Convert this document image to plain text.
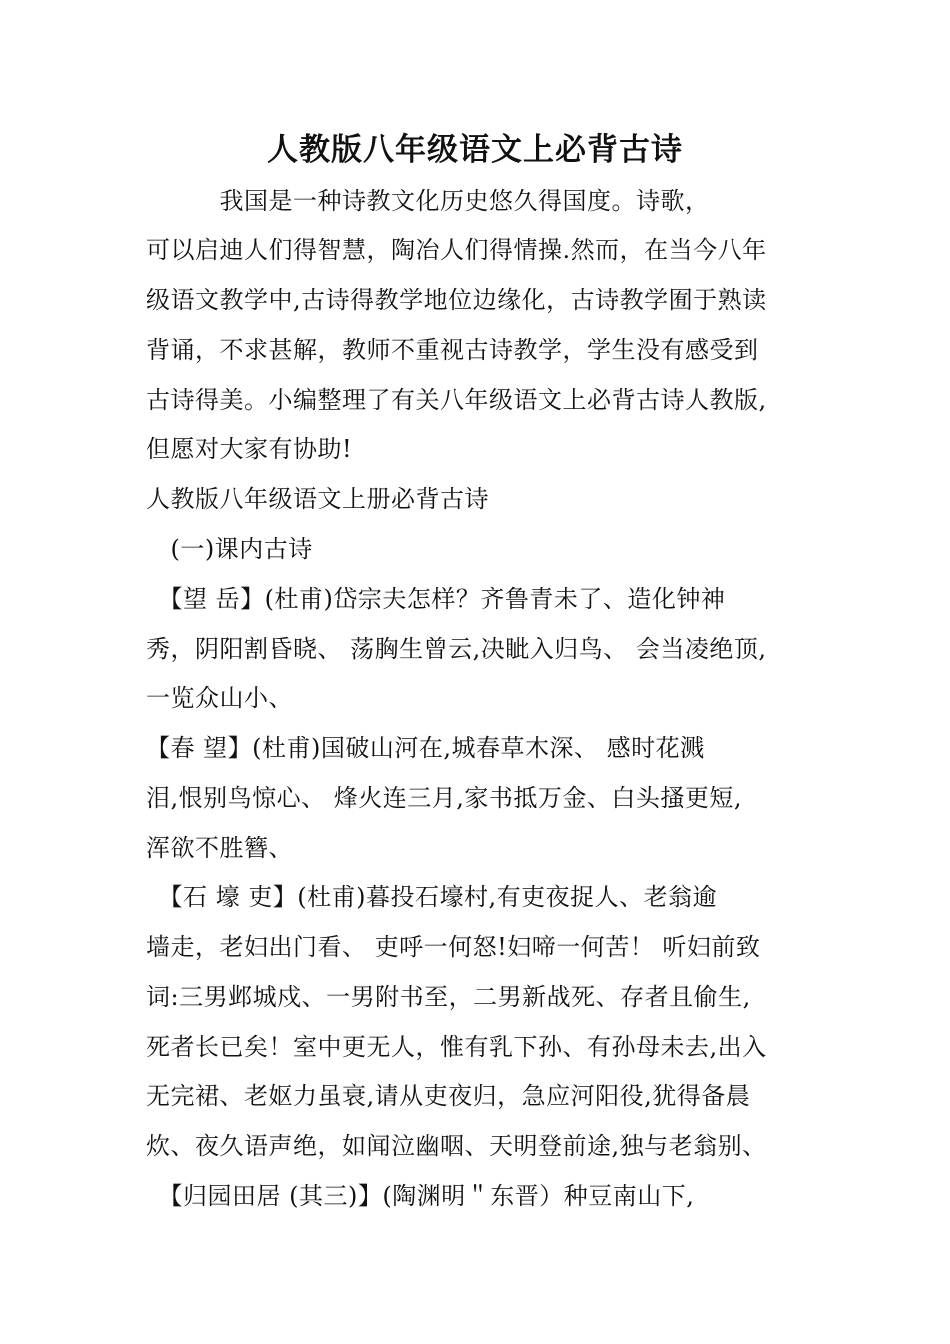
人教版八年级语文上必背古诗
　　　我国是一种诗教文化历史悠久得国度。诗歌，
可以启迪人们得智慧，陶冶人们得情操.然而，在当今八年
级语文教学中,古诗得教学地位边缘化，古诗教学囿于熟读
背诵，不求甚解，教师不重视古诗教学，学生没有感受到
古诗得美。小编整理了有关八年级语文上必背古诗人教版,
但愿对大家有协助!
人教版八年级语文上册必背古诗
　(一)课内古诗
　【望 岳】(杜甫)岱宗夫怎样？齐鲁青未了、造化钟神
秀，阴阳割昏晓、 荡胸生曾云,决眦入归鸟、 会当凌绝顶,
一览众山小、
【春 望】(杜甫)国破山河在,城春草木深、 感时花溅
泪,恨别鸟惊心、 烽火连三月,家书抵万金、白头搔更短,
浑欲不胜簪、
　【石 壕 吏】(杜甫)暮投石壕村,有吏夜捉人、老翁逾
墙走，老妇出门看、 吏呼一何怒!妇啼一何苦！ 听妇前致
词:三男邺城戍、一男附书至，二男新战死、存者且偷生,
死者长已矣！室中更无人，惟有乳下孙、有孙母未去,出入
无完裙、老妪力虽衰,请从吏夜归，急应河阳役,犹得备晨
炊、夜久语声绝，如闻泣幽咽、天明登前途,独与老翁别、
　【归园田居 (其三)】(陶渊明＂东晋）种豆南山下,
